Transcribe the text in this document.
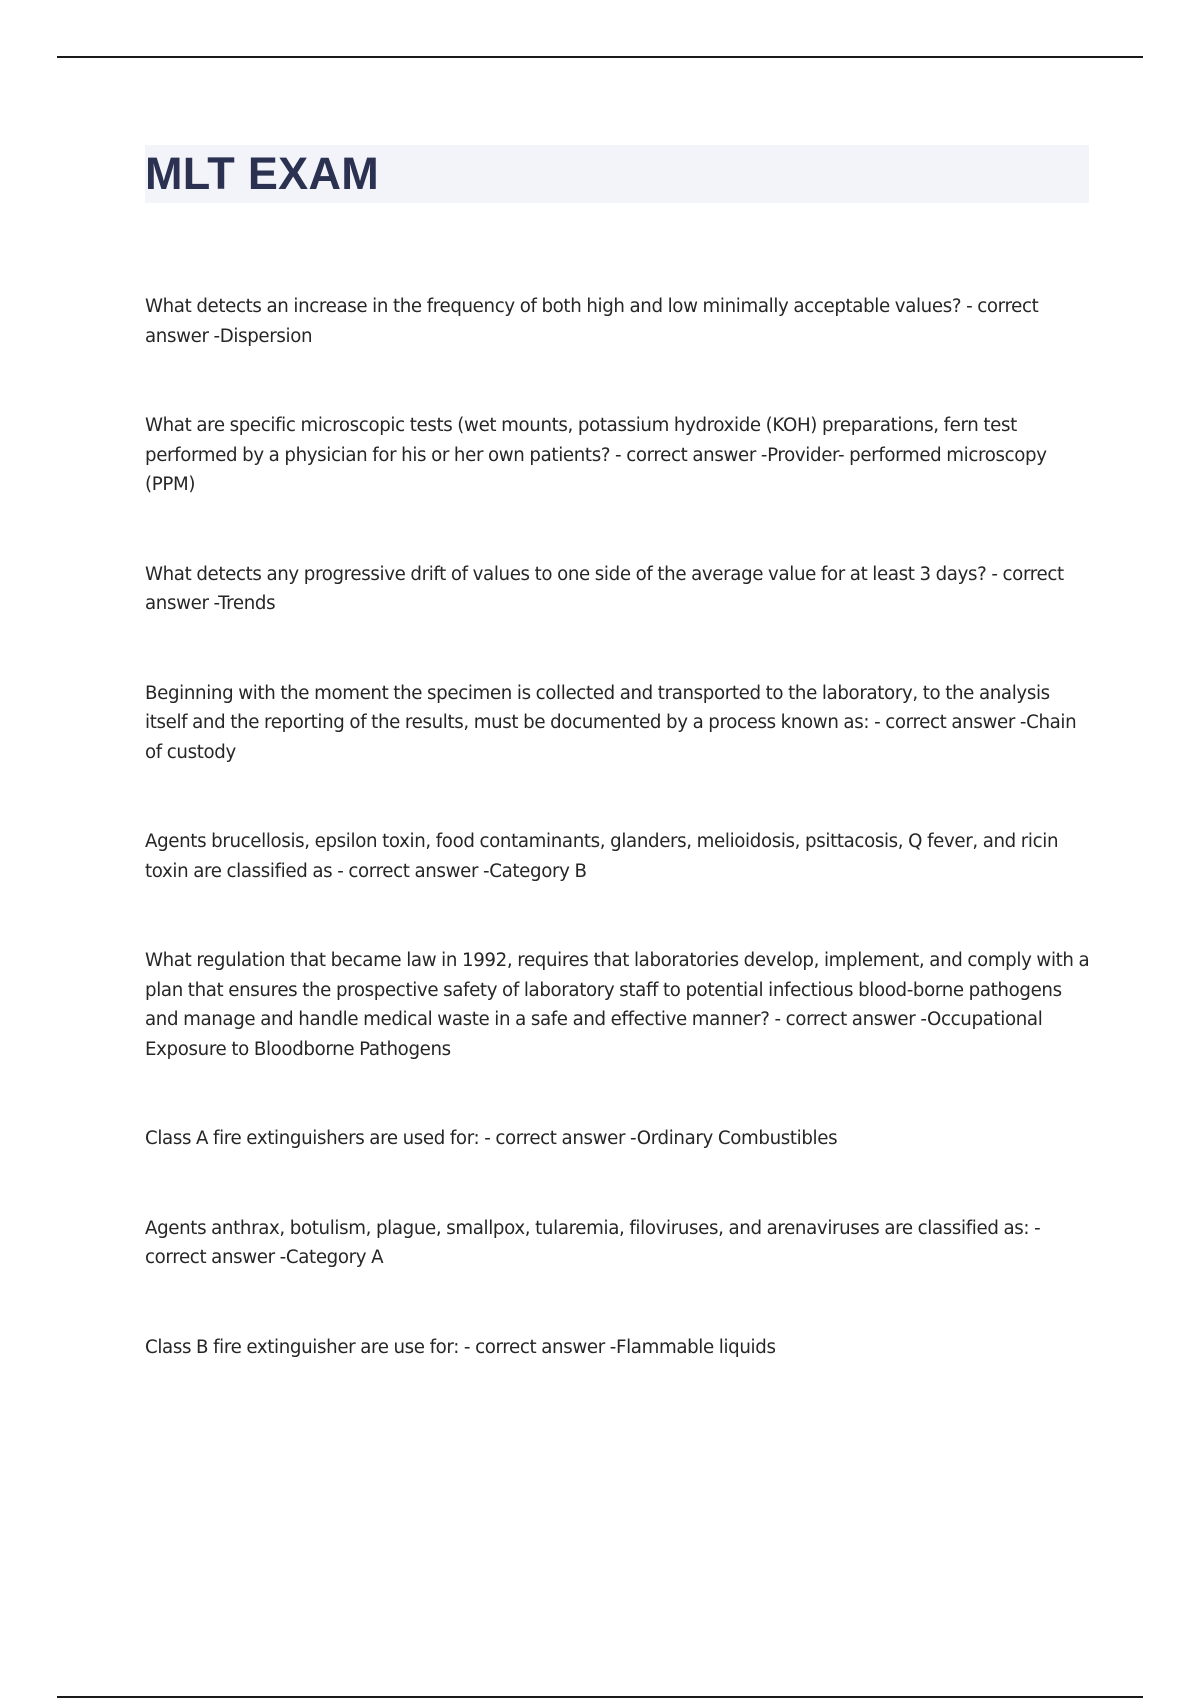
MLT EXAM

What detects an increase in the frequency of both high and low minimally acceptable values? - correct answer -Dispersion

What are specific microscopic tests (wet mounts, potassium hydroxide (KOH) preparations, fern test performed by a physician for his or her own patients? - correct answer -Provider- performed microscopy (PPM)

What detects any progressive drift of values to one side of the average value for at least 3 days? - correct answer -Trends

Beginning with the moment the specimen is collected and transported to the laboratory, to the analysis itself and the reporting of the results, must be documented by a process known as: - correct answer -Chain of custody

Agents brucellosis, epsilon toxin, food contaminants, glanders, melioidosis, psittacosis, Q fever, and ricin toxin are classified as - correct answer -Category B

What regulation that became law in 1992, requires that laboratories develop, implement, and comply with a plan that ensures the prospective safety of laboratory staff to potential infectious blood-borne pathogens and manage and handle medical waste in a safe and effective manner? - correct answer -Occupational Exposure to Bloodborne Pathogens

Class A fire extinguishers are used for: - correct answer -Ordinary Combustibles

Agents anthrax, botulism, plague, smallpox, tularemia, filoviruses, and arenaviruses are classified as: - correct answer -Category A

Class B fire extinguisher are use for: - correct answer -Flammable liquids
